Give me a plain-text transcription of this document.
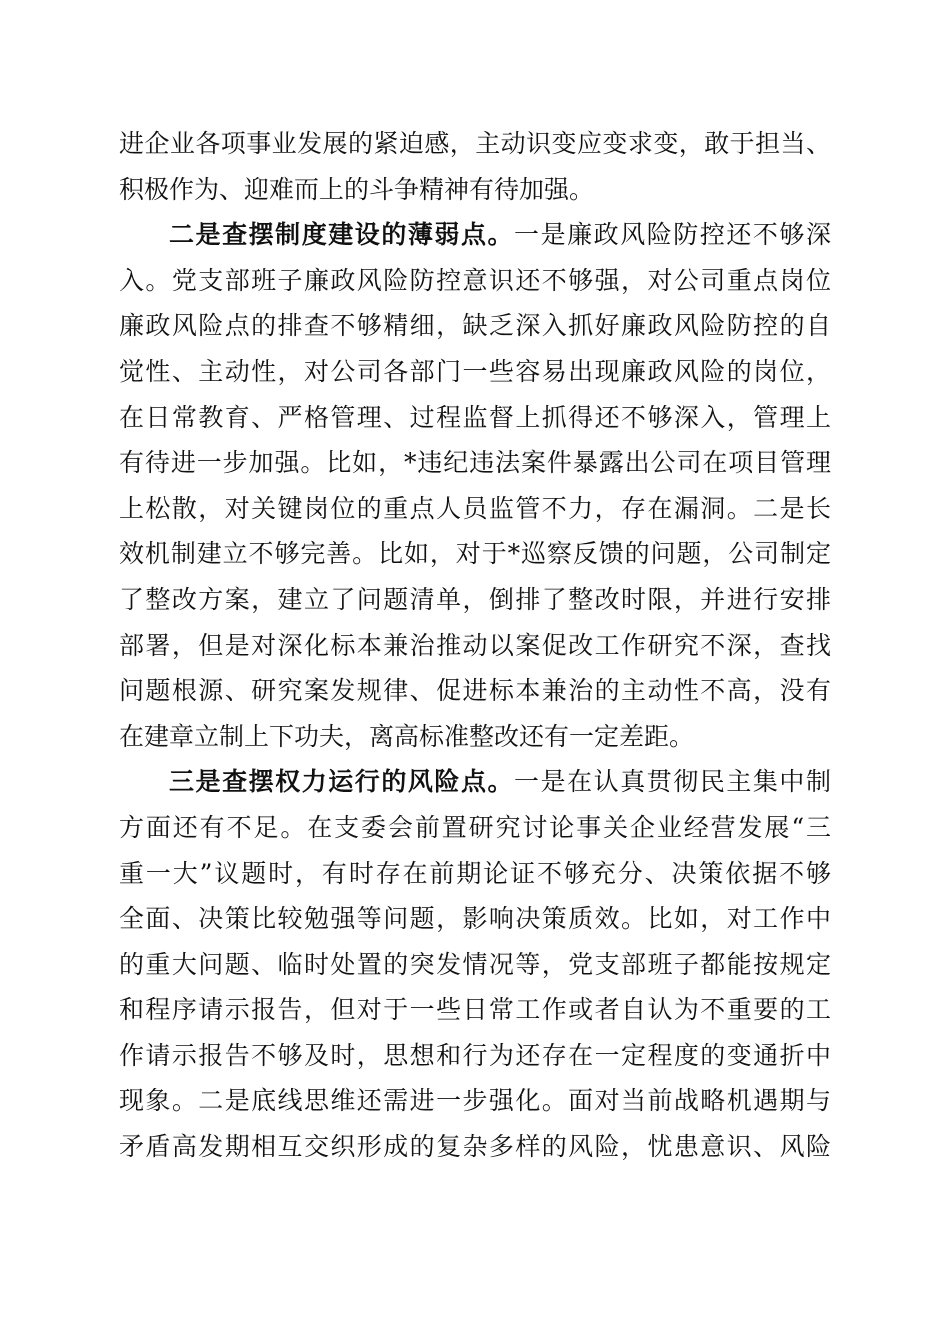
进企业各项事业发展的紧迫感，主动识变应变求变，敢于担当、
积极作为、迎难而上的斗争精神有待加强。
二是查摆制度建设的薄弱点。一是廉政风险防控还不够深
入。党支部班子廉政风险防控意识还不够强，对公司重点岗位
廉政风险点的排查不够精细，缺乏深入抓好廉政风险防控的自
觉性、主动性，对公司各部门一些容易出现廉政风险的岗位，
在日常教育、严格管理、过程监督上抓得还不够深入，管理上
有待进一步加强。比如，*违纪违法案件暴露出公司在项目管理
上松散，对关键岗位的重点人员监管不力，存在漏洞。二是长
效机制建立不够完善。比如，对于*巡察反馈的问题，公司制定
了整改方案，建立了问题清单，倒排了整改时限，并进行安排
部署，但是对深化标本兼治推动以案促改工作研究不深，查找
问题根源、研究案发规律、促进标本兼治的主动性不高，没有
在建章立制上下功夫，离高标准整改还有一定差距。
三是查摆权力运行的风险点。一是在认真贯彻民主集中制
方面还有不足。在支委会前置研究讨论事关企业经营发展“三
重一大”议题时，有时存在前期论证不够充分、决策依据不够
全面、决策比较勉强等问题，影响决策质效。比如，对工作中
的重大问题、临时处置的突发情况等，党支部班子都能按规定
和程序请示报告，但对于一些日常工作或者自认为不重要的工
作请示报告不够及时，思想和行为还存在一定程度的变通折中
现象。二是底线思维还需进一步强化。面对当前战略机遇期与
矛盾高发期相互交织形成的复杂多样的风险，忧患意识、风险
